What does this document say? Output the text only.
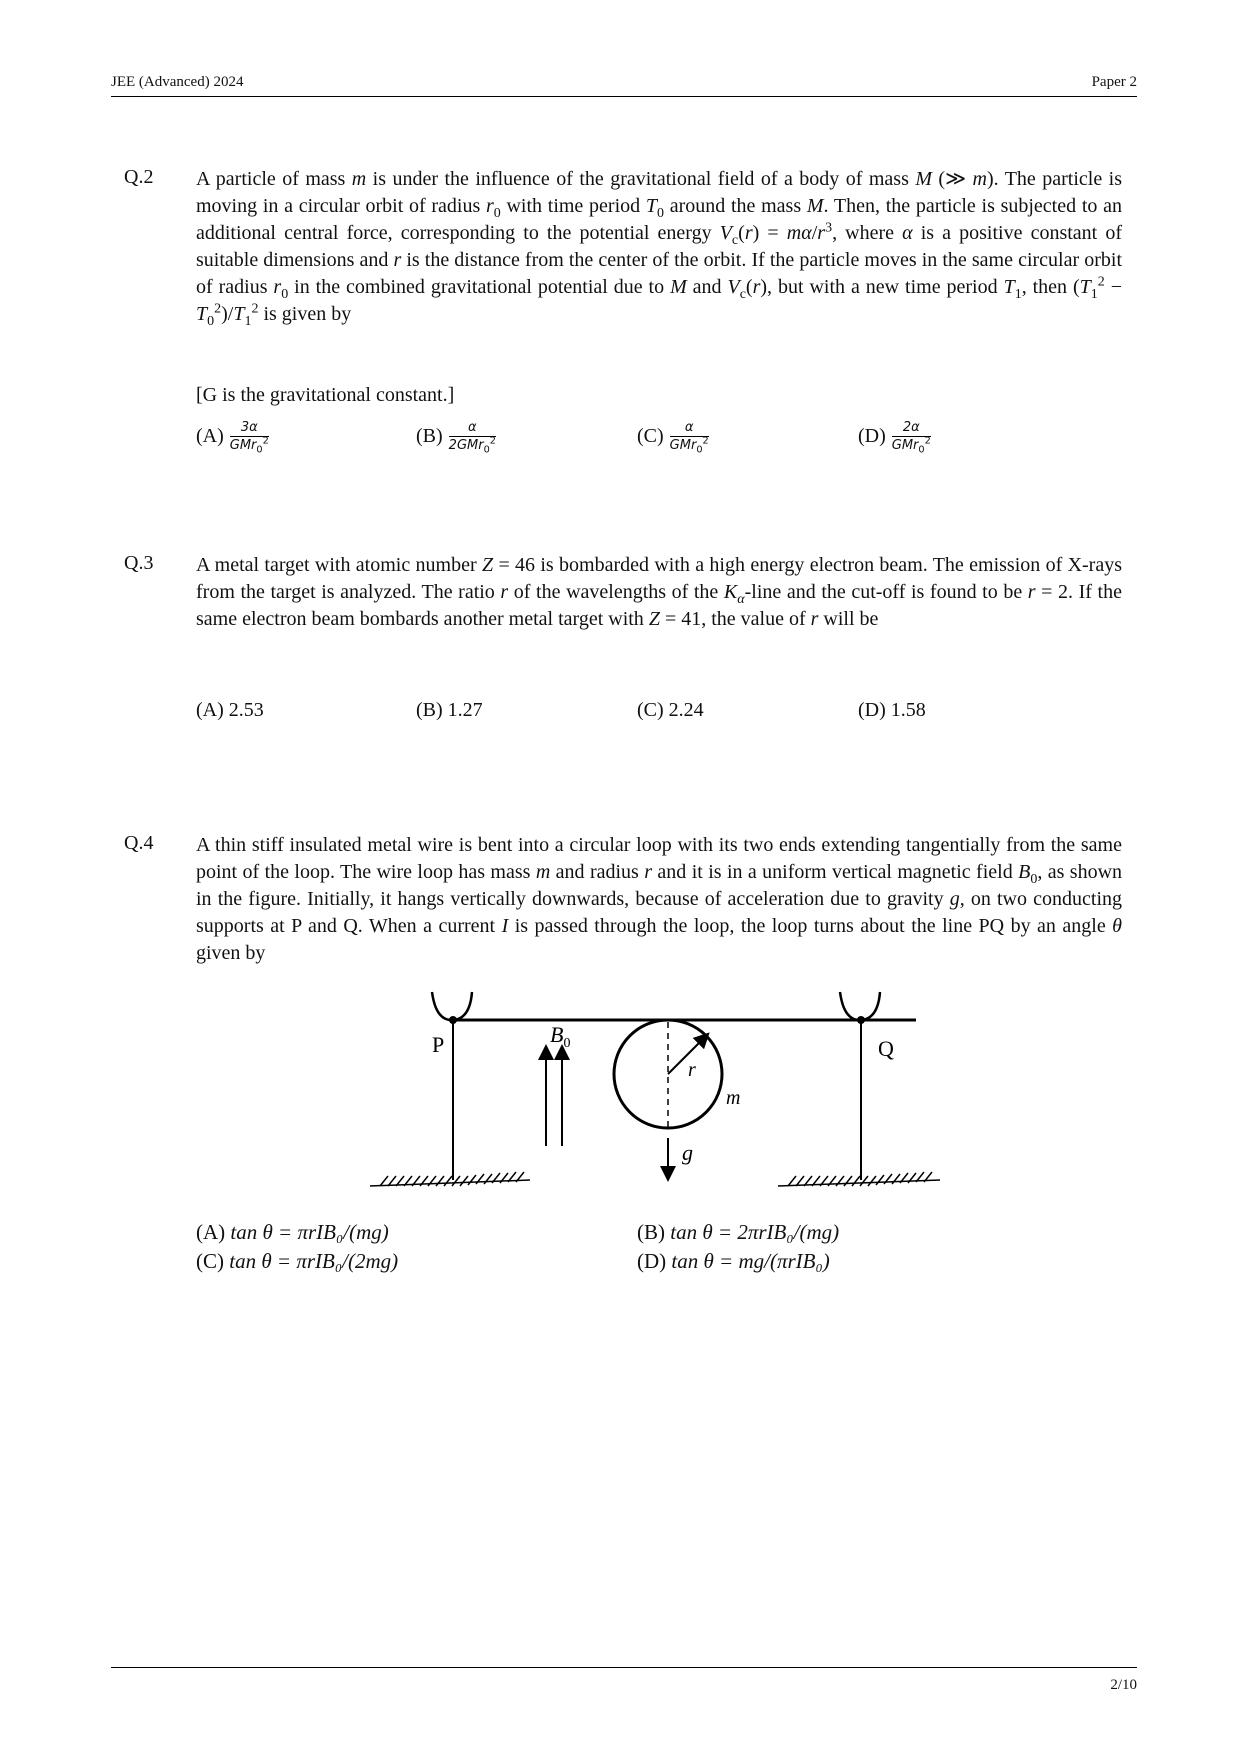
JEE (Advanced) 2024	Paper 2
Q.2 A particle of mass m is under the influence of the gravitational field of a body of mass M (≫ m). The particle is moving in a circular orbit of radius $r_0$ with time period $T_0$ around the mass M. Then, the particle is subjected to an additional central force, corresponding to the potential energy $V_c(r) = m\alpha/r^3$, where α is a positive constant of suitable dimensions and r is the distance from the center of the orbit. If the particle moves in the same circular orbit of radius $r_0$ in the combined gravitational potential due to M and $V_c(r)$, but with a new time period $T_1$, then $(T_1^2 - T_0^2)/T_1^2$ is given by
[G is the gravitational constant.]
$(A) \frac{3\alpha}{GMr_0^2}$	$(B) \frac{\alpha}{2GMr_0^2}$	$(C) \frac{\alpha}{GMr_0^2}$	$(D) \frac{2\alpha}{GMr_0^2}$
Q.3 A metal target with atomic number Z = 46 is bombarded with a high energy electron beam. The emission of X-rays from the target is analyzed. The ratio r of the wavelengths of the $K_\alpha$-line and the cut-off is found to be r = 2. If the same electron beam bombards another metal target with Z = 41, the value of r will be
(A) 2.53	(B) 1.27	(C) 2.24	(D) 1.58
Q.4 A thin stiff insulated metal wire is bent into a circular loop with its two ends extending tangentially from the same point of the loop. The wire loop has mass m and radius r and it is in a uniform vertical magnetic field $B_0$, as shown in the figure. Initially, it hangs vertically downwards, because of acceleration due to gravity g, on two conducting supports at P and Q. When a current I is passed through the loop, the loop turns about the line PQ by an angle θ given by
P	Q
$B_0$
r
m
g
(A) tan θ = πrIB₀/(mg)	(B) tan θ = 2πrIB₀/(mg)
(C) tan θ = πrIB₀/(2mg)	(D) tan θ = mg/(πrIB₀)
2/10
